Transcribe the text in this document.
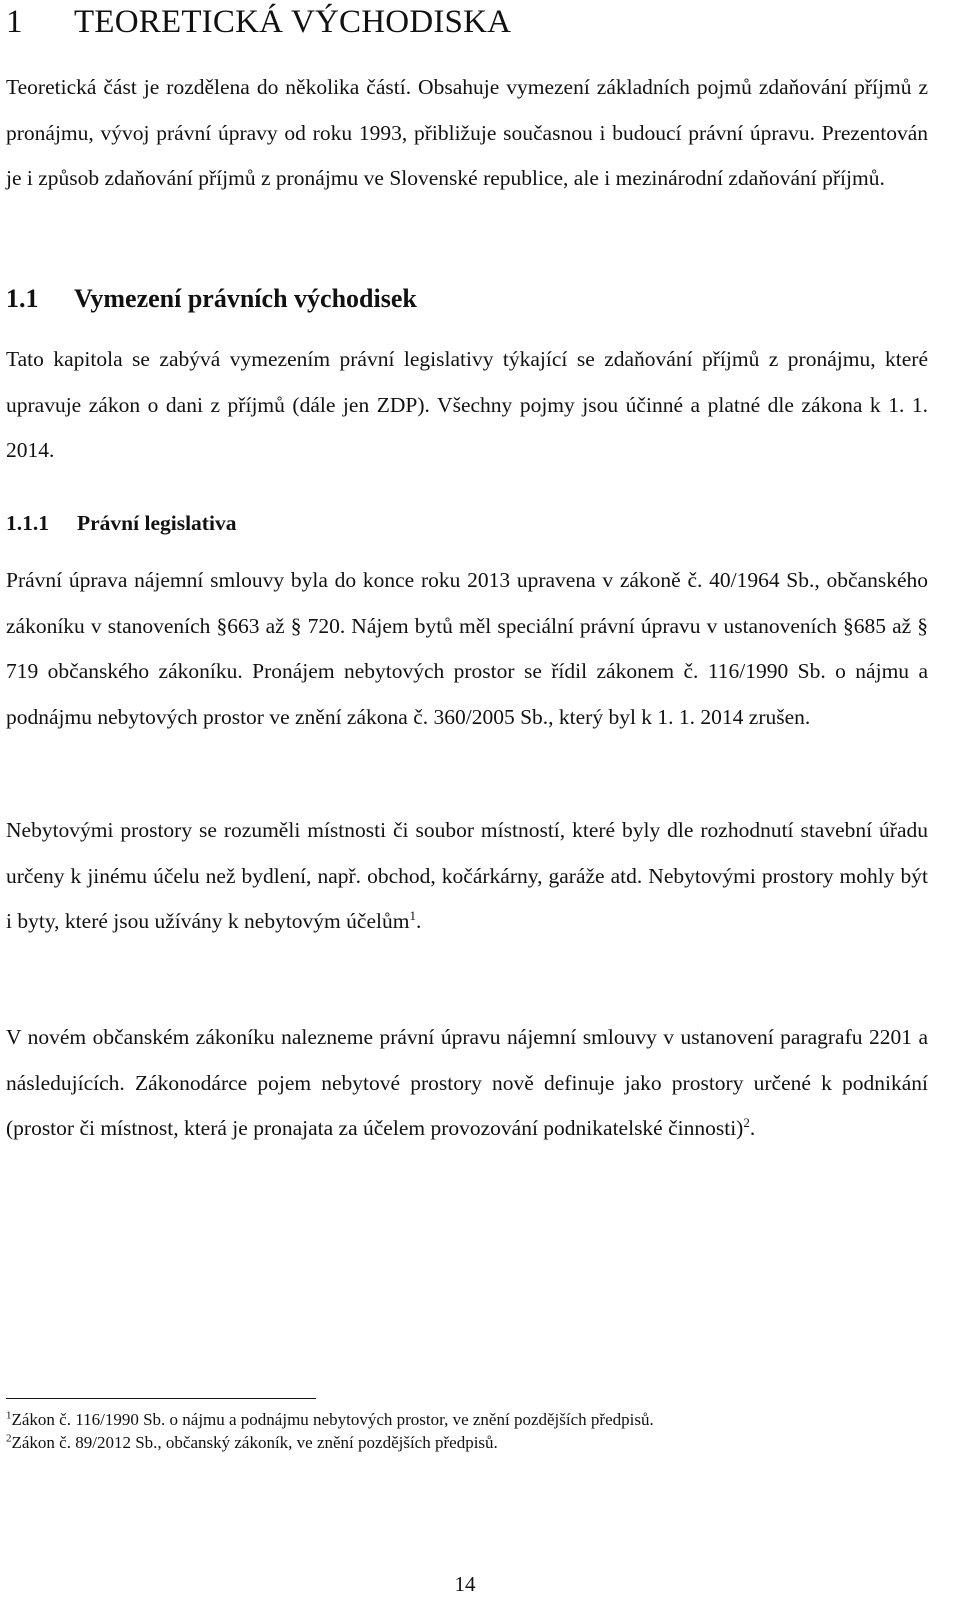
1 TEORETICKÁ VÝCHODISKA

Teoretická část je rozdělena do několika částí. Obsahuje vymezení základních pojmů zdaňování příjmů z pronájmu, vývoj právní úpravy od roku 1993, přibližuje současnou i budoucí právní úpravu. Prezentován je i způsob zdaňování příjmů z pronájmu ve Slovenské republice, ale i mezinárodní zdaňování příjmů.

1.1 Vymezení právních východisek

Tato kapitola se zabývá vymezením právní legislativy týkající se zdaňování příjmů z pronájmu, které upravuje zákon o dani z příjmů (dále jen ZDP). Všechny pojmy jsou účinné a platné dle zákona k 1. 1. 2014.

1.1.1 Právní legislativa

Právní úprava nájemní smlouvy byla do konce roku 2013 upravena v zákoně č. 40/1964 Sb., občanského zákoníku v stanoveních §663 až § 720. Nájem bytů měl speciální právní úpravu v ustanoveních §685 až § 719 občanského zákoníku. Pronájem nebytových prostor se řídil zákonem č. 116/1990 Sb. o nájmu a podnájmu nebytových prostor ve znění zákona č. 360/2005 Sb., který byl k 1. 1. 2014 zrušen.

Nebytovými prostory se rozuměli místnosti či soubor místností, které byly dle rozhodnutí stavební úřadu určeny k jinému účelu než bydlení, např. obchod, kočárkárny, garáže atd. Nebytovými prostory mohly být i byty, které jsou užívány k nebytovým účelům$^1$.

V novém občanském zákoníku nalezneme právní úpravu nájemní smlouvy v ustanovení paragrafu 2201 a následujících. Zákonodárce pojem nebytové prostory nově definuje jako prostory určené k podnikání (prostor či místnost, která je pronajata za účelem provozování podnikatelské činnosti)$^2$.

$^1$Zákon č. 116/1990 Sb. o nájmu a podnájmu nebytových prostor, ve znění pozdějších předpisů.

$^2$Zákon č. 89/2012 Sb., občanský zákoník, ve znění pozdějších předpisů.

14
